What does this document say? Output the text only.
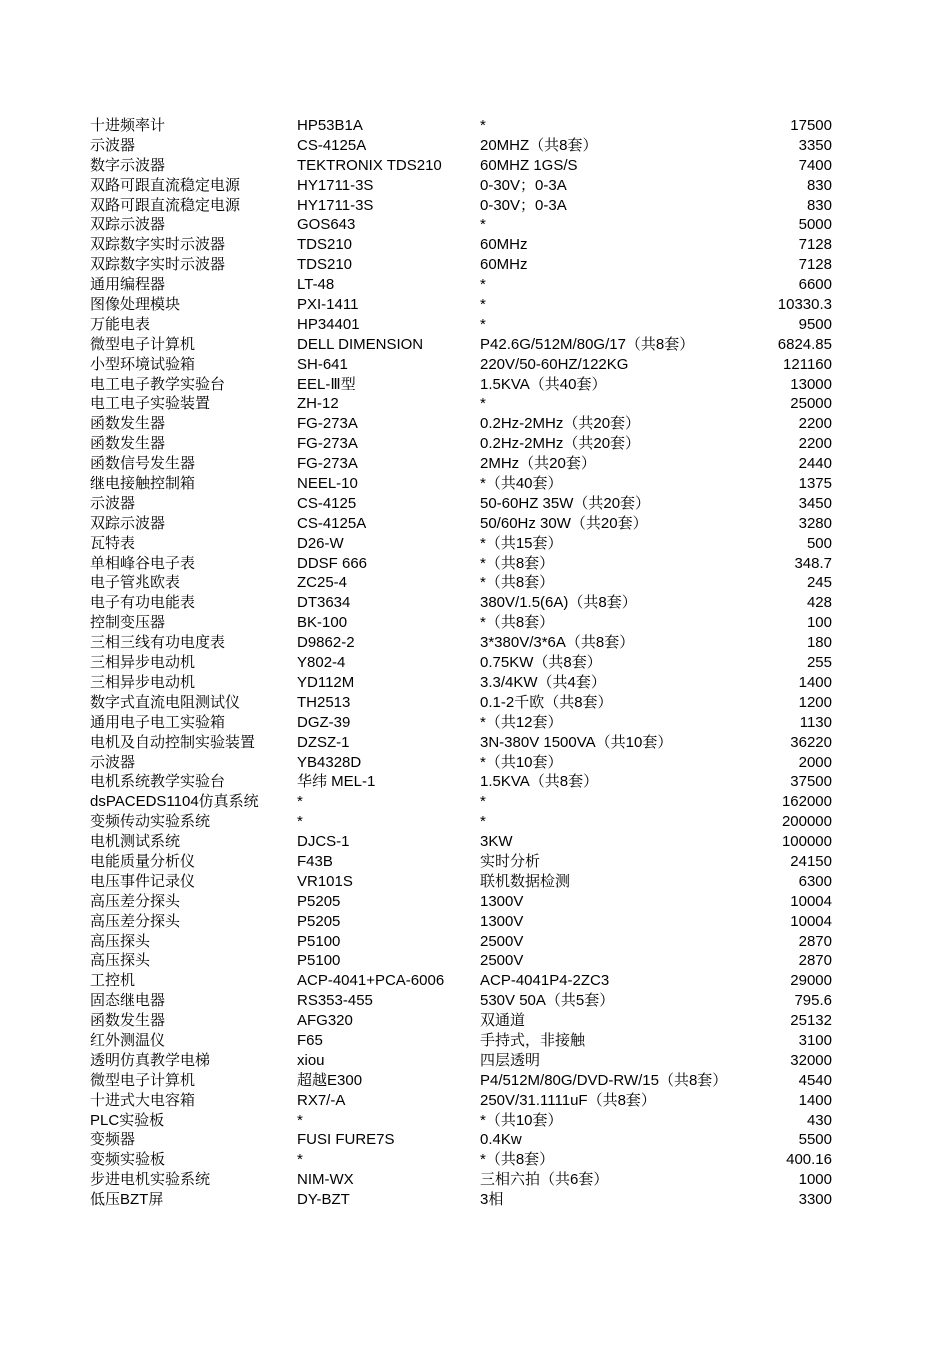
十进频率计	HP53B1A	*	17500
示波器	CS-4125A	20MHZ（共8套）	3350
数字示波器	TEKTRONIX TDS210	60MHZ 1GS/S	7400
双路可跟直流稳定电源	HY1711-3S	0-30V；0-3A	830
双路可跟直流稳定电源	HY1711-3S	0-30V；0-3A	830
双踪示波器	GOS643	*	5000
双踪数字实时示波器	TDS210	60MHz	7128
双踪数字实时示波器	TDS210	60MHz	7128
通用编程器	LT-48	*	6600
图像处理模块	PXI-1411	*	10330.3
万能电表	HP34401	*	9500
微型电子计算机	DELL DIMENSION	P42.6G/512M/80G/17（共8套）	6824.85
小型环境试验箱	SH-641	220V/50-60HZ/122KG	121160
电工电子教学实验台	EEL-Ⅲ型	1.5KVA（共40套）	13000
电工电子实验装置	ZH-12	*	25000
函数发生器	FG-273A	0.2Hz-2MHz（共20套）	2200
函数发生器	FG-273A	0.2Hz-2MHz（共20套）	2200
函数信号发生器	FG-273A	2MHz（共20套）	2440
继电接触控制箱	NEEL-10	*（共40套）	1375
示波器	CS-4125	50-60HZ 35W（共20套）	3450
双踪示波器	CS-4125A	50/60Hz 30W（共20套）	3280
瓦特表	D26-W	*（共15套）	500
单相峰谷电子表	DDSF 666	*（共8套）	348.7
电子管兆欧表	ZC25-4	*（共8套）	245
电子有功电能表	DT3634	380V/1.5(6A)（共8套）	428
控制变压器	BK-100	*（共8套）	100
三相三线有功电度表	D9862-2	3*380V/3*6A（共8套）	180
三相异步电动机	Y802-4	0.75KW（共8套）	255
三相异步电动机	YD112M	3.3/4KW（共4套）	1400
数字式直流电阻测试仪	TH2513	0.1-2千欧（共8套）	1200
通用电子电工实验箱	DGZ-39	*（共12套）	1130
电机及自动控制实验装置	DZSZ-1	3N-380V 1500VA（共10套）	36220
示波器	YB4328D	*（共10套）	2000
电机系统教学实验台	华纬 MEL-1	1.5KVA（共8套）	37500
dsPACEDS1104仿真系统	*	*	162000
变频传动实验系统	*	*	200000
电机测试系统	DJCS-1	3KW	100000
电能质量分析仪	F43B	实时分析	24150
电压事件记录仪	VR101S	联机数据检测	6300
高压差分探头	P5205	1300V	10004
高压差分探头	P5205	1300V	10004
高压探头	P5100	2500V	2870
高压探头	P5100	2500V	2870
工控机	ACP-4041+PCA-6006	ACP-4041P4-2ZC3	29000
固态继电器	RS353-455	530V 50A（共5套）	795.6
函数发生器	AFG320	双通道	25132
红外测温仪	F65	手持式，非接触	3100
透明仿真教学电梯	xiou	四层透明	32000
微型电子计算机	超越E300	P4/512M/80G/DVD-RW/15（共8套）	4540
十进式大电容箱	RX7/-A	250V/31.1111uF（共8套）	1400
PLC实验板	*	*（共10套）	430
变频器	FUSI FURE7S	0.4Kw	5500
变频实验板	*	*（共8套）	400.16
步进电机实验系统	NIM-WX	三相六拍（共6套）	1000
低压BZT屏	DY-BZT	3相	3300
